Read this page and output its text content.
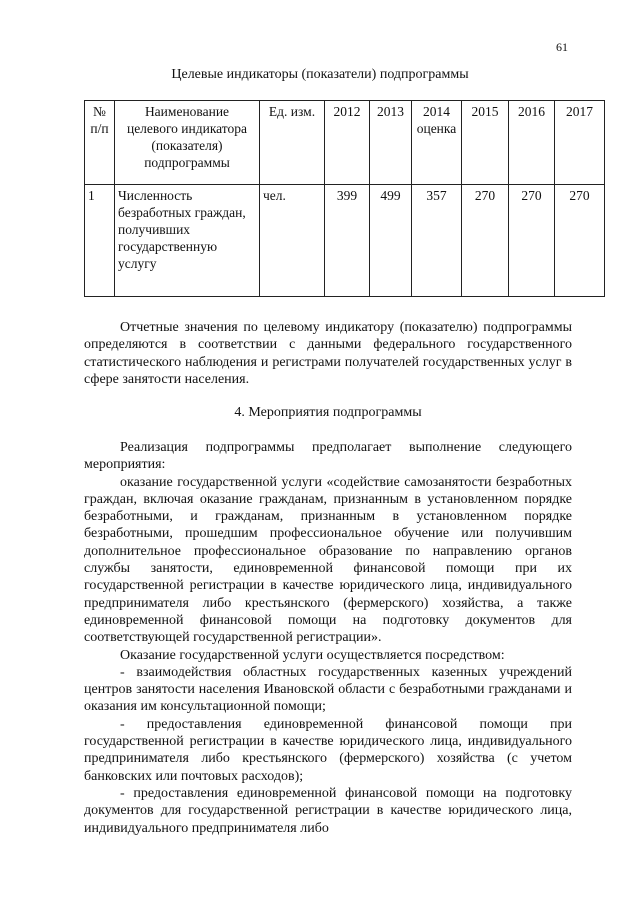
61
Целевые индикаторы (показатели) подпрограммы
№ п/п	Наименование целевого индикатора (показателя) подпрограммы	Ед. изм.	2012	2013	2014 оценка	2015	2016	2017
1	Численность безработных граждан, получивших государственную услугу	чел.	399	499	357	270	270	270

Отчетные значения по целевому индикатору (показателю) подпрограммы определяются в соответствии с данными федерального государственного статистического наблюдения и регистрами получателей государственных услуг в сфере занятости населения.

4. Мероприятия подпрограммы

Реализация подпрограммы предполагает выполнение следующего мероприятия:

оказание государственной услуги «содействие самозанятости безработных граждан, включая оказание гражданам, признанным в установленном порядке безработными, и гражданам, признанным в установленном порядке безработными, прошедшим профессиональное обучение или получившим дополнительное профессиональное образование по направлению органов службы занятости, единовременной финансовой помощи при их государственной регистрации в качестве юридического лица, индивидуального предпринимателя либо крестьянского (фермерского) хозяйства, а также единовременной финансовой помощи на подготовку документов для соответствующей государственной регистрации».

Оказание государственной услуги осуществляется посредством:

- взаимодействия областных государственных казенных учреждений центров занятости населения Ивановской области с безработными гражданами и оказания им консультационной помощи;

- предоставления единовременной финансовой помощи при государственной регистрации в качестве юридического лица, индивидуального предпринимателя либо крестьянского (фермерского) хозяйства (с учетом банковских или почтовых расходов);

- предоставления единовременной финансовой помощи на подготовку документов для государственной регистрации в качестве юридического лица, индивидуального предпринимателя либо
